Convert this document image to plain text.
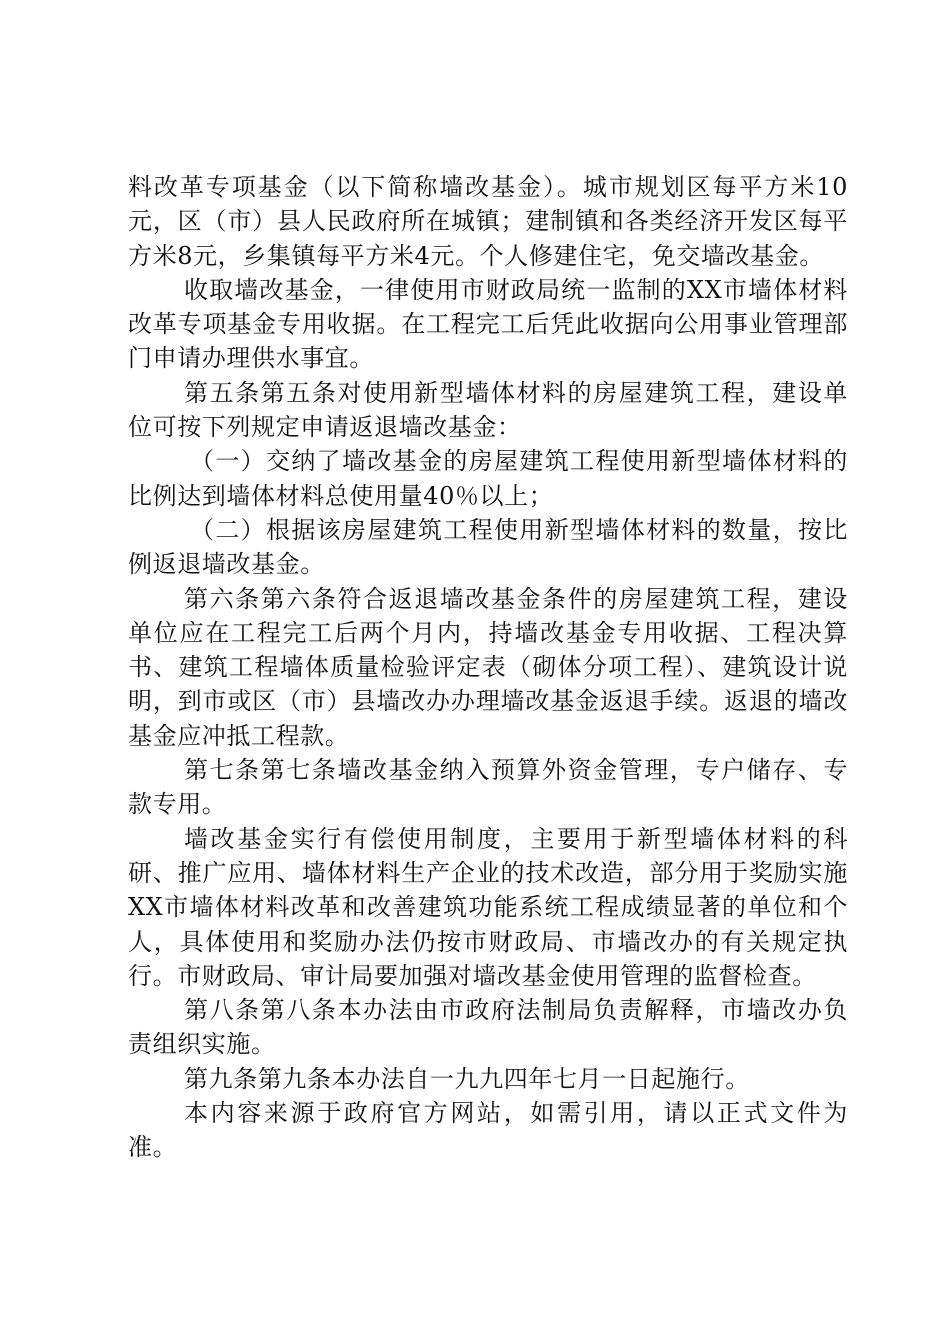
料改革专项基金（以下简称墙改基金）。城市规划区每平方米10元，区（市）县人民政府所在城镇；建制镇和各类经济开发区每平方米8元，乡集镇每平方米4元。个人修建住宅，免交墙改基金。

收取墙改基金，一律使用市财政局统一监制的XX市墙体材料改革专项基金专用收据。在工程完工后凭此收据向公用事业管理部门申请办理供水事宜。

第五条第五条对使用新型墙体材料的房屋建筑工程，建设单位可按下列规定申请返退墙改基金：

（一）交纳了墙改基金的房屋建筑工程使用新型墙体材料的比例达到墙体材料总使用量40％以上；

（二）根据该房屋建筑工程使用新型墙体材料的数量，按比例返退墙改基金。

第六条第六条符合返退墙改基金条件的房屋建筑工程，建设单位应在工程完工后两个月内，持墙改基金专用收据、工程决算书、建筑工程墙体质量检验评定表（砌体分项工程）、建筑设计说明，到市或区（市）县墙改办办理墙改基金返退手续。返退的墙改基金应冲抵工程款。

第七条第七条墙改基金纳入预算外资金管理，专户储存、专款专用。

墙改基金实行有偿使用制度，主要用于新型墙体材料的科研、推广应用、墙体材料生产企业的技术改造，部分用于奖励实施XX市墙体材料改革和改善建筑功能系统工程成绩显著的单位和个人，具体使用和奖励办法仍按市财政局、市墙改办的有关规定执行。市财政局、审计局要加强对墙改基金使用管理的监督检查。

第八条第八条本办法由市政府法制局负责解释，市墙改办负责组织实施。

第九条第九条本办法自一九九四年七月一日起施行。

本内容来源于政府官方网站，如需引用，请以正式文件为准。
